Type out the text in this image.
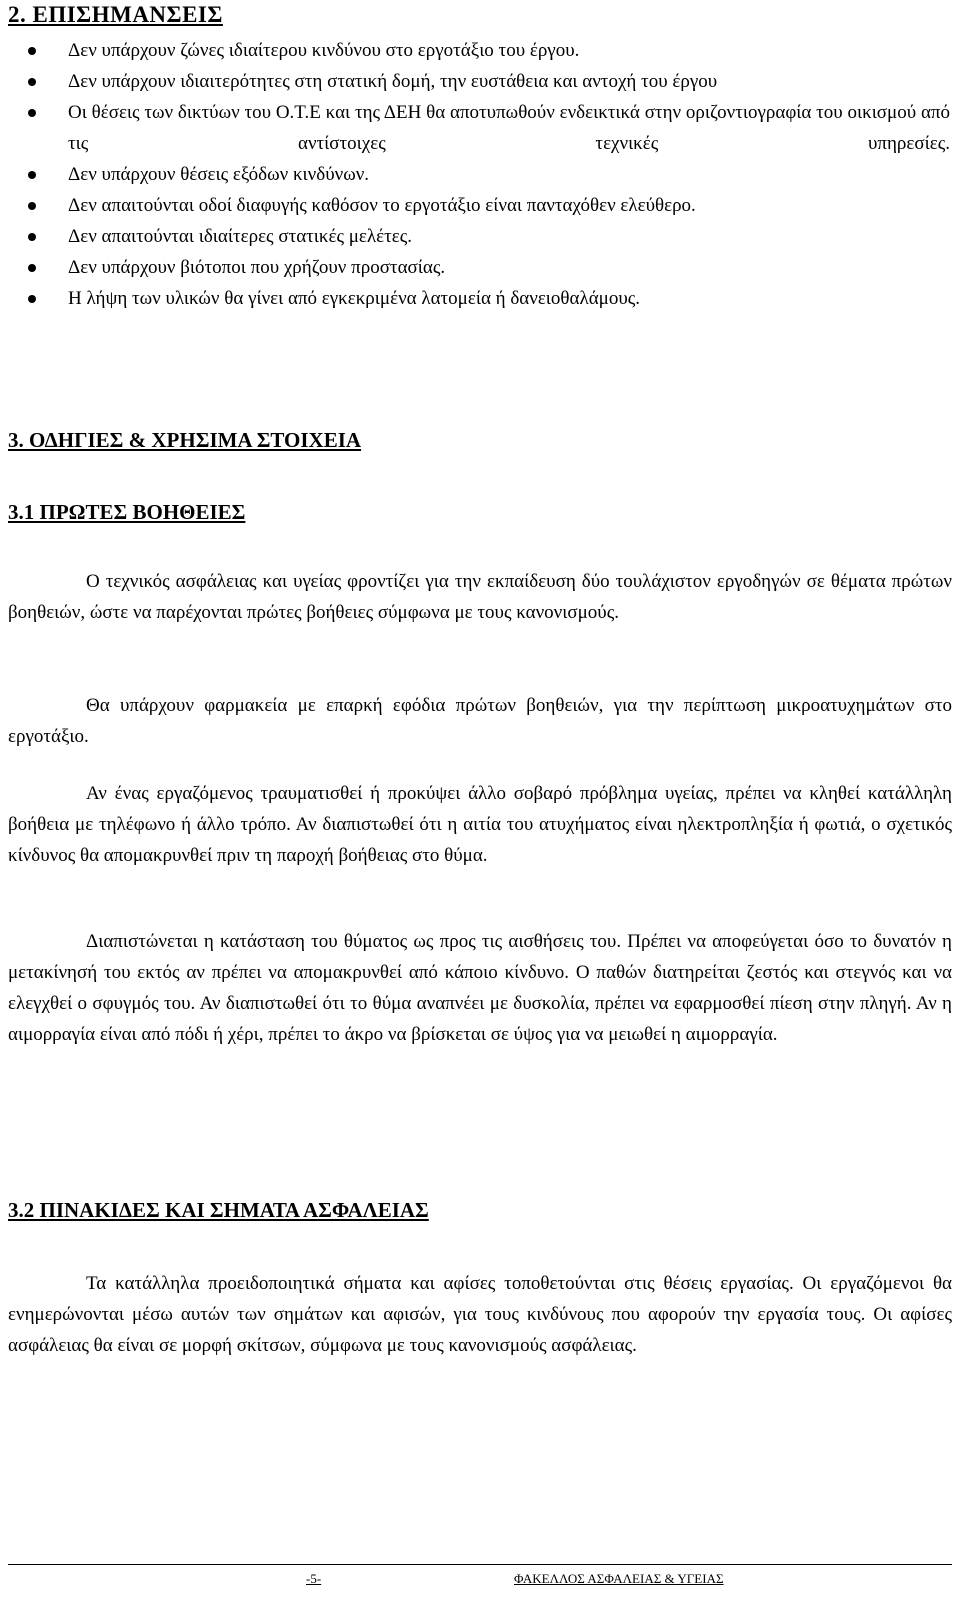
2. ΕΠΙΣΗΜΑΝΣΕΙΣ
Δεν υπάρχουν ζώνες ιδιαίτερου κινδύνου στο εργοτάξιο του έργου.
Δεν υπάρχουν ιδιαιτερότητες στη στατική δομή, την ευστάθεια και αντοχή του έργου
Οι θέσεις των δικτύων του Ο.Τ.Ε και της ΔΕΗ θα αποτυπωθούν ενδεικτικά στην οριζοντιογραφία του οικισμού από τις αντίστοιχες τεχνικές υπηρεσίες.
Δεν υπάρχουν θέσεις εξόδων κινδύνων.
Δεν απαιτούνται οδοί διαφυγής καθόσον το εργοτάξιο είναι πανταχόθεν ελεύθερο.
Δεν απαιτούνται ιδιαίτερες στατικές μελέτες.
Δεν υπάρχουν βιότοποι που χρήζουν προστασίας.
Η λήψη των υλικών θα γίνει από εγκεκριμένα λατομεία ή δανειοθαλάμους.
3. ΟΔΗΓΙΕΣ & ΧΡΗΣΙΜΑ ΣΤΟΙΧΕΙΑ
3.1 ΠΡΩΤΕΣ ΒΟΗΘΕΙΕΣ

Ο τεχνικός ασφάλειας και υγείας φροντίζει για την εκπαίδευση δύο τουλάχιστον εργοδηγών σε θέματα πρώτων βοηθειών, ώστε να παρέχονται πρώτες βοήθειες σύμφωνα με τους κανονισμούς.

Θα υπάρχουν φαρμακεία με επαρκή εφόδια πρώτων βοηθειών, για την περίπτωση μικροατυχημάτων στο εργοτάξιο.

Αν ένας εργαζόμενος τραυματισθεί ή προκύψει άλλο σοβαρό πρόβλημα υγείας, πρέπει να κληθεί κατάλληλη βοήθεια με τηλέφωνο ή άλλο τρόπο. Αν διαπιστωθεί ότι η αιτία του ατυχήματος είναι ηλεκτροπληξία ή φωτιά, ο σχετικός κίνδυνος θα απομακρυνθεί πριν τη παροχή βοήθειας στο θύμα.

Διαπιστώνεται η κατάσταση του θύματος ως προς τις αισθήσεις του. Πρέπει να αποφεύγεται όσο το δυνατόν η μετακίνησή του εκτός αν πρέπει να απομακρυνθεί από κάποιο κίνδυνο. Ο παθών διατηρείται ζεστός και στεγνός και να ελεγχθεί ο σφυγμός του. Αν διαπιστωθεί ότι το θύμα αναπνέει με δυσκολία, πρέπει να εφαρμοσθεί πίεση στην πληγή. Αν η αιμορραγία είναι από πόδι ή χέρι, πρέπει το άκρο να βρίσκεται σε ύψος για να μειωθεί η αιμορραγία.

3.2 ΠΙΝΑΚΙΔΕΣ ΚΑΙ ΣΗΜΑΤΑ ΑΣΦΑΛΕΙΑΣ

Τα κατάλληλα προειδοποιητικά σήματα και αφίσες τοποθετούνται στις θέσεις εργασίας. Οι εργαζόμενοι θα ενημερώνονται μέσω αυτών των σημάτων και αφισών, για τους κινδύνους που αφορούν την εργασία τους. Οι αφίσες ασφάλειας θα είναι σε μορφή σκίτσων, σύμφωνα με τους κανονισμούς ασφάλειας.

-5-	ΦΑΚΕΛΛΟΣ ΑΣΦΑΛΕΙΑΣ & ΥΓΕΙΑΣ
